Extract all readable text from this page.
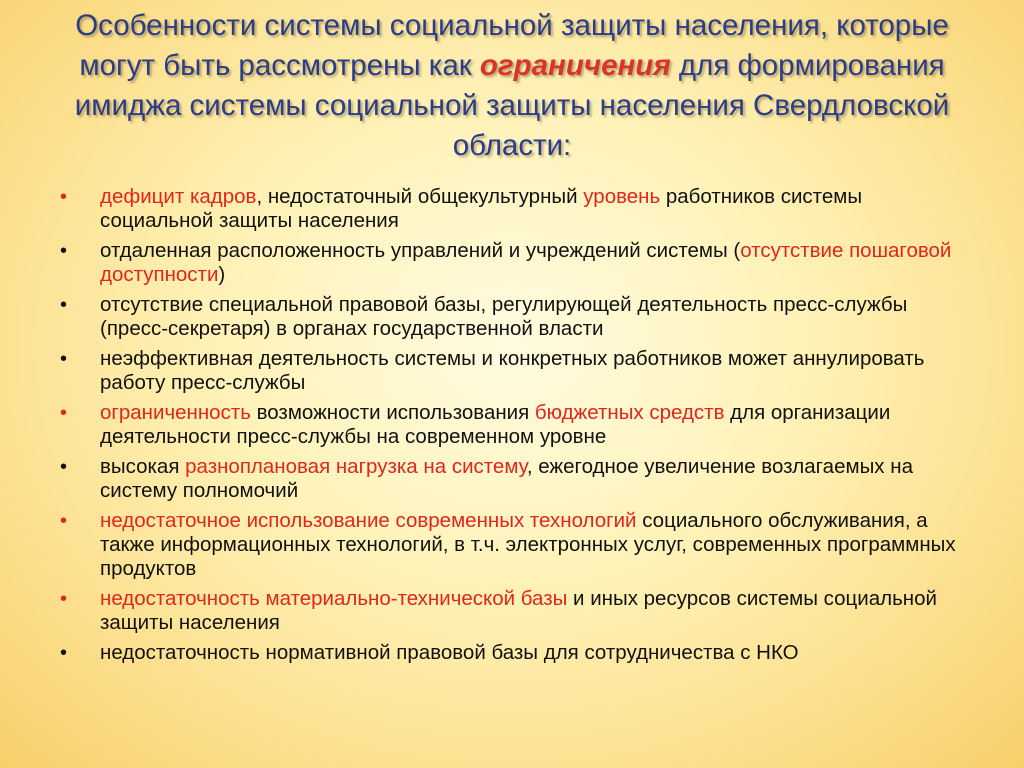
Особенности системы социальной защиты населения, которые могут быть рассмотрены как ограничения для формирования имиджа системы социальной защиты населения Свердловской области:
•	дефицит кадров, недостаточный общекультурный уровень работников системы социальной защиты населения
•	отдаленная расположенность управлений и учреждений системы (отсутствие пошаговой доступности)
•	отсутствие специальной правовой базы, регулирующей деятельность пресс-службы (пресс-секретаря) в органах государственной власти
•	неэффективная деятельность системы и конкретных работников может аннулировать работу пресс-службы
•	ограниченность возможности использования бюджетных средств для организации деятельности пресс-службы на современном уровне
•	высокая разноплановая нагрузка на систему, ежегодное увеличение возлагаемых на систему полномочий
•	недостаточное использование современных технологий социального обслуживания, а также информационных технологий, в т.ч. электронных услуг, современных программных продуктов
•	недостаточность материально-технической базы и иных ресурсов системы социальной защиты населения
•	недостаточность нормативной правовой базы для сотрудничества с НКО
